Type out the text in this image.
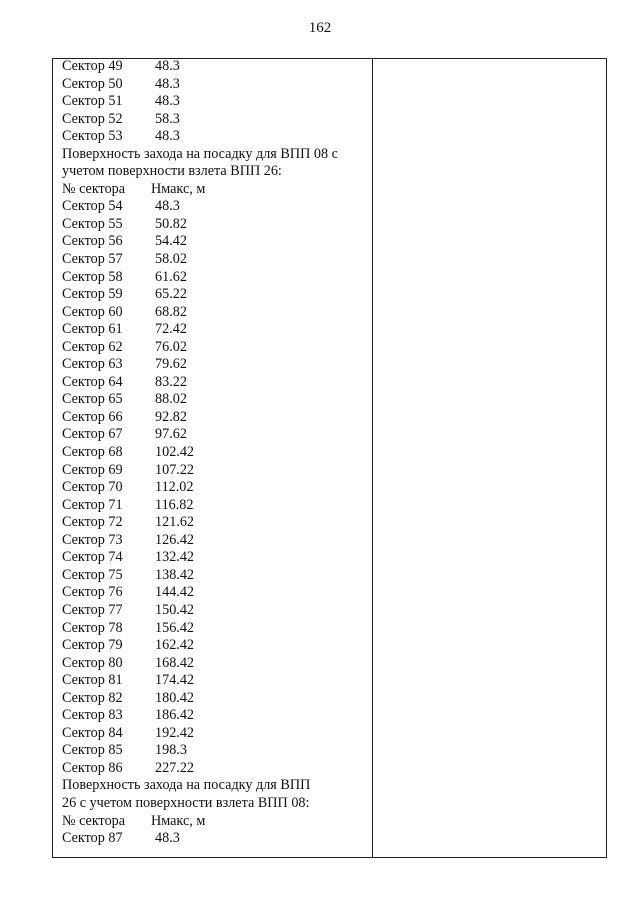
162
Сектор 49	48.3
Сектор 50	48.3
Сектор 51	48.3
Сектор 52	58.3
Сектор 53	48.3
Поверхность захода на посадку для ВПП 08 с
учетом поверхности взлета ВПП 26:
№ сектора	Hмакс, м
Сектор 54	48.3
Сектор 55	50.82
Сектор 56	54.42
Сектор 57	58.02
Сектор 58	61.62
Сектор 59	65.22
Сектор 60	68.82
Сектор 61	72.42
Сектор 62	76.02
Сектор 63	79.62
Сектор 64	83.22
Сектор 65	88.02
Сектор 66	92.82
Сектор 67	97.62
Сектор 68	102.42
Сектор 69	107.22
Сектор 70	112.02
Сектор 71	116.82
Сектор 72	121.62
Сектор 73	126.42
Сектор 74	132.42
Сектор 75	138.42
Сектор 76	144.42
Сектор 77	150.42
Сектор 78	156.42
Сектор 79	162.42
Сектор 80	168.42
Сектор 81	174.42
Сектор 82	180.42
Сектор 83	186.42
Сектор 84	192.42
Сектор 85	198.3
Сектор 86	227.22
Поверхность захода на посадку для ВПП
26 с учетом поверхности взлета ВПП 08:
№ сектора	Hмакс, м
Сектор 87	48.3
